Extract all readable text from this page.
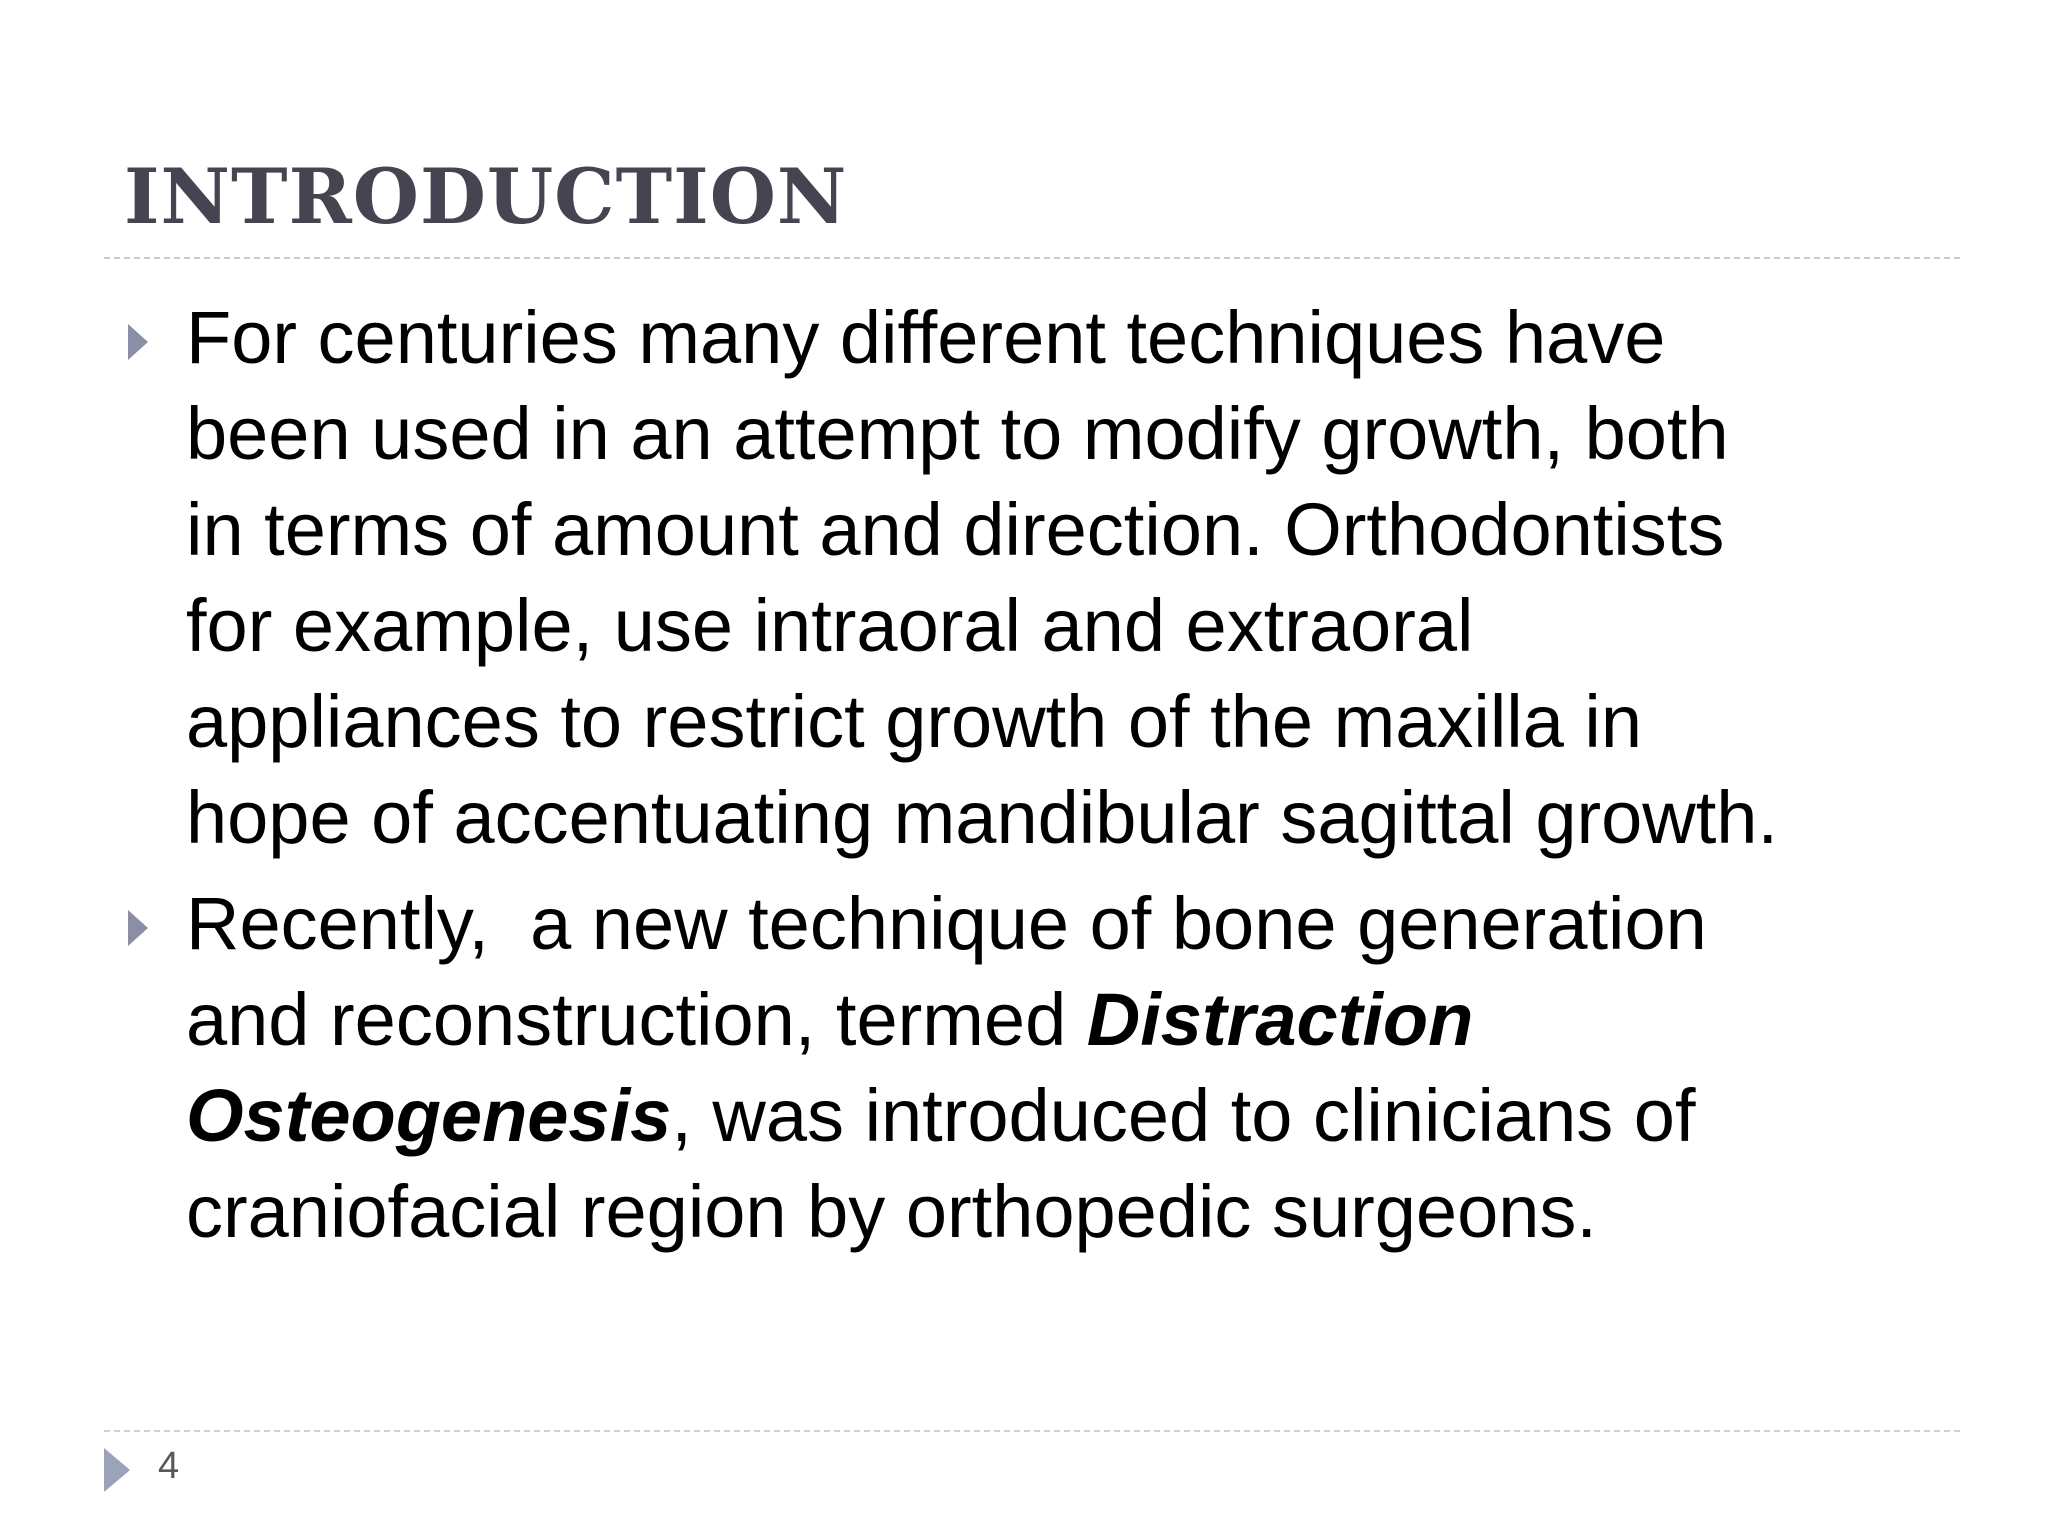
INTRODUCTION
For centuries many different techniques have
been used in an attempt to modify growth, both
in terms of amount and direction. Orthodontists
for example, use intraoral and extraoral
appliances to restrict growth of the maxilla in
hope of accentuating mandibular sagittal growth.
Recently,  a new technique of bone generation
and reconstruction, termed Distraction
Osteogenesis, was introduced to clinicians of
craniofacial region by orthopedic surgeons.
4
